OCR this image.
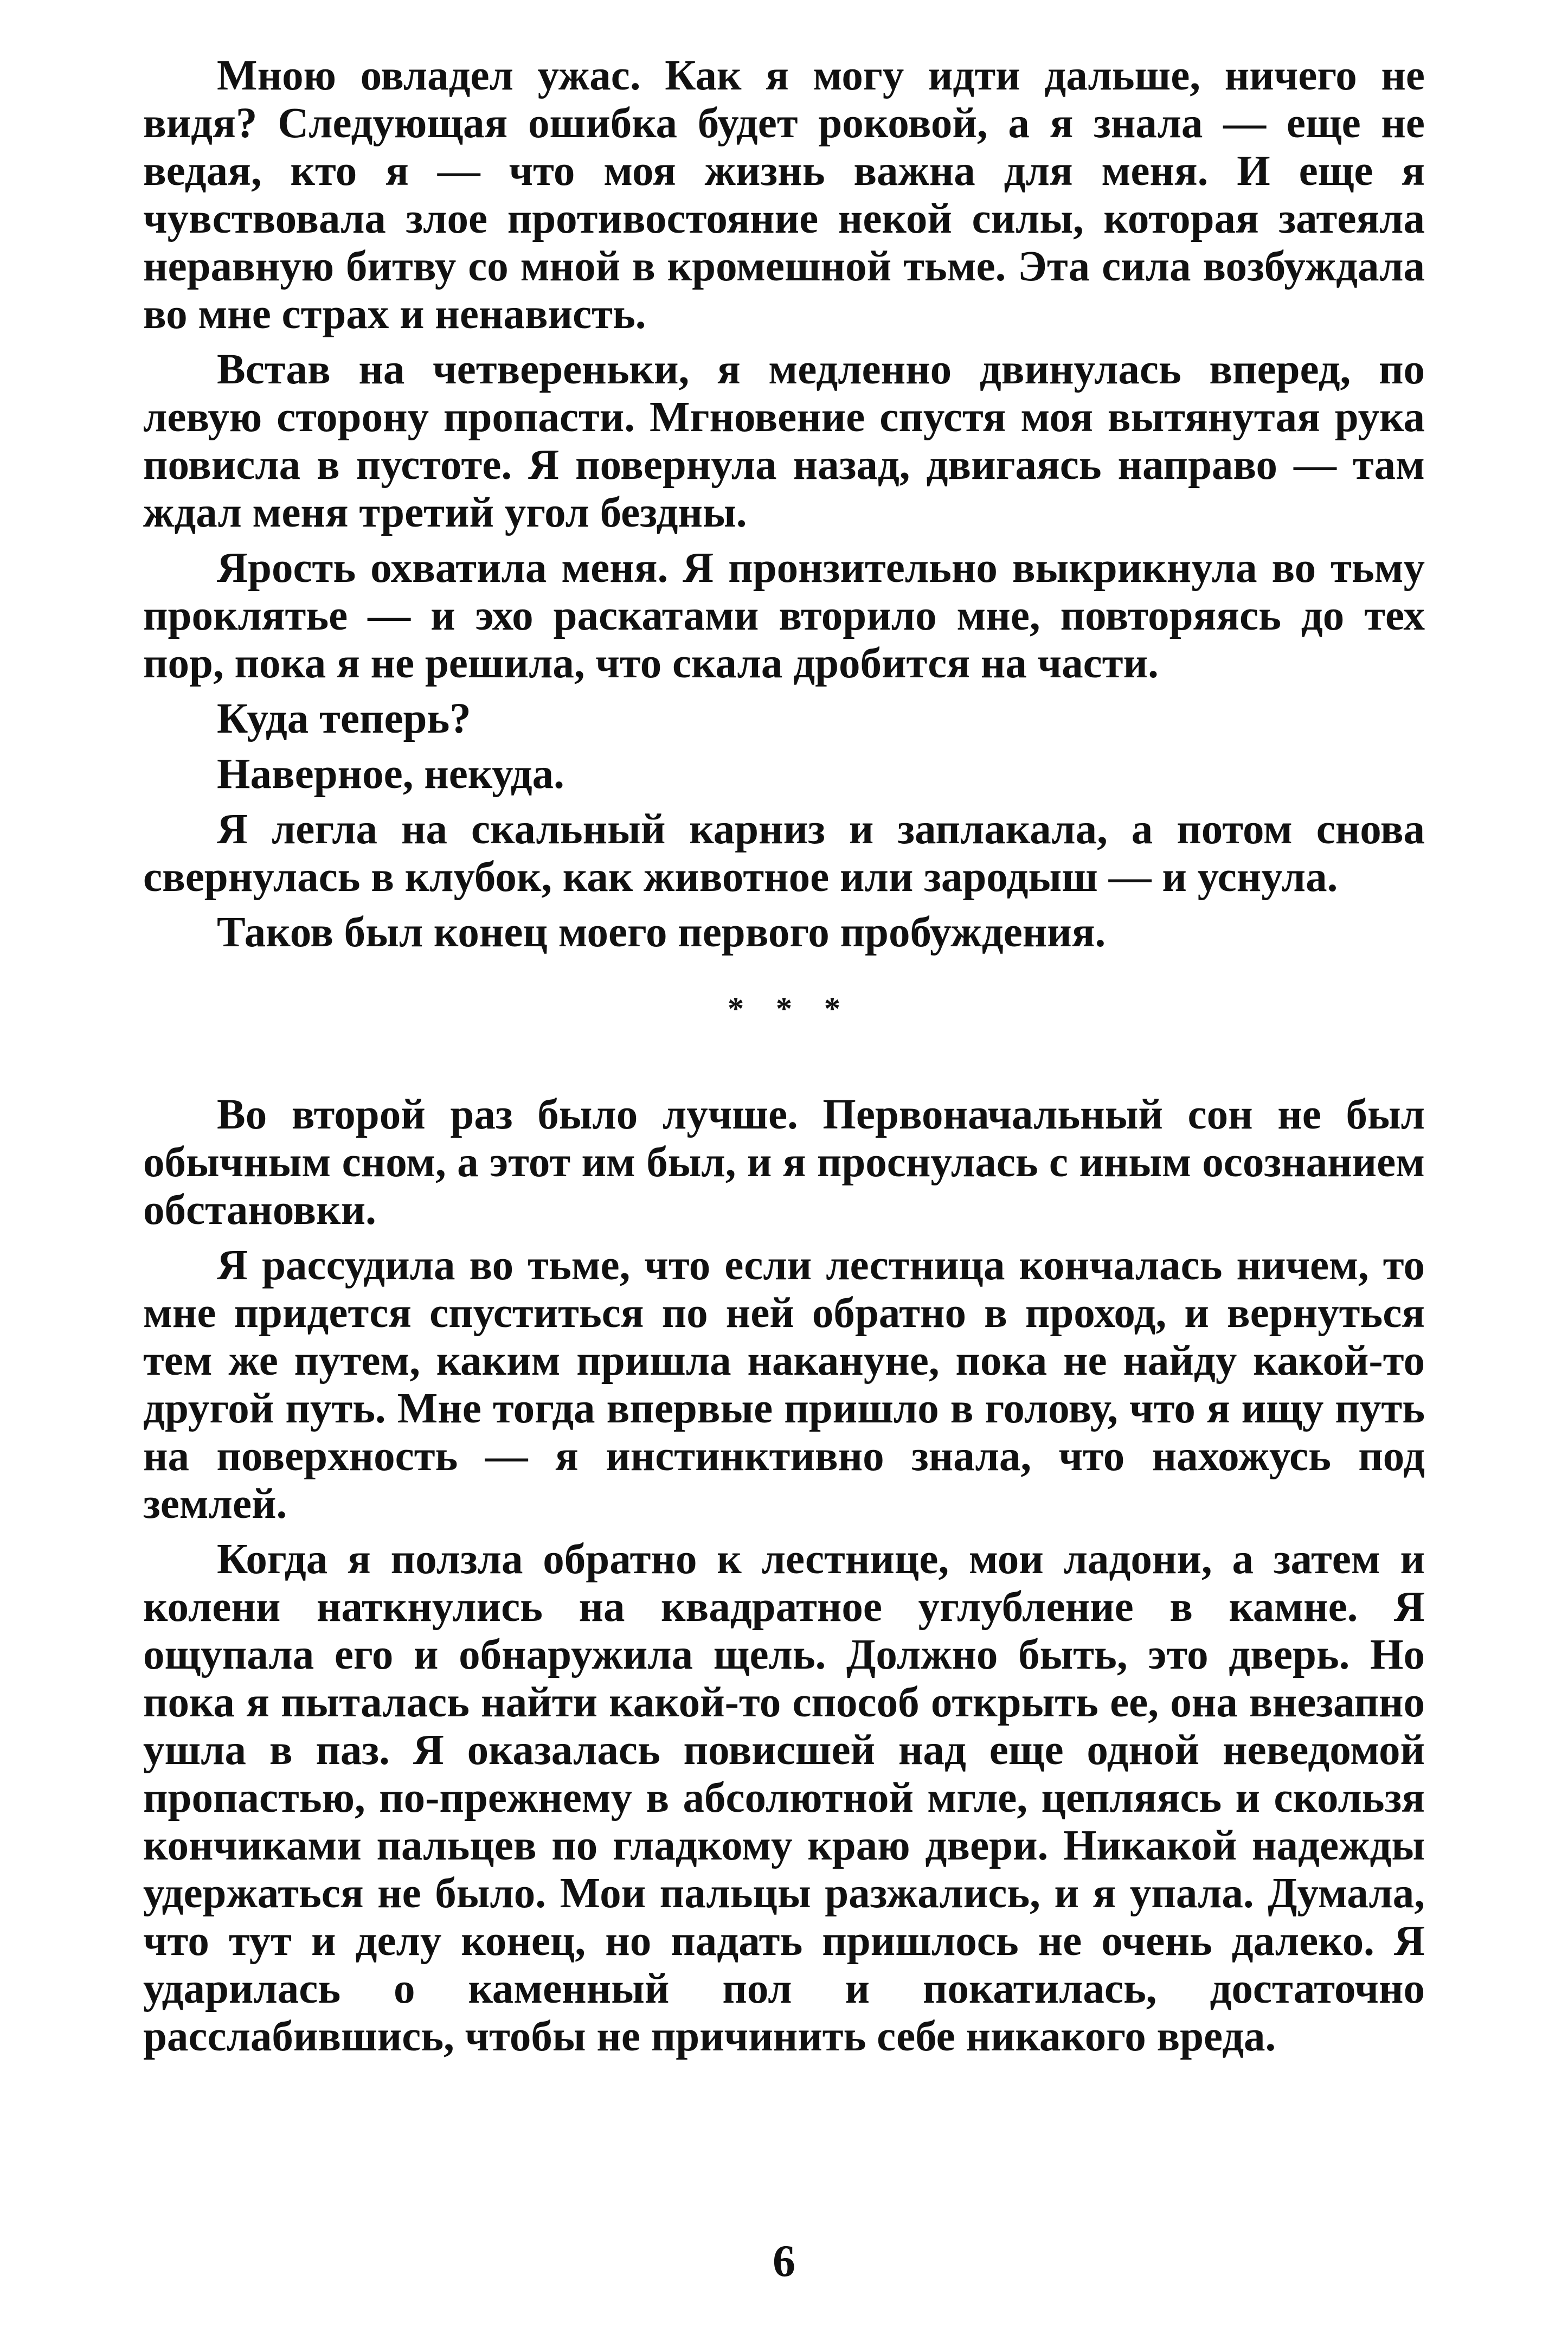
Мною овладел ужас. Как я могу идти дальше, ничего не видя? Следующая ошибка будет роковой, а я знала — еще не ведая, кто я — что моя жизнь важна для меня. И еще я чувствовала злое противостояние некой силы, которая затеяла неравную битву со мной в кромешной тьме. Эта сила возбуждала во мне страх и ненависть.

Встав на четвереньки, я медленно двинулась вперед, по левую сторону пропасти. Мгновение спустя моя вытянутая рука повисла в пустоте. Я повернула назад, двигаясь направо — там ждал меня третий угол бездны.

Ярость охватила меня. Я пронзительно выкрикнула во тьму проклятье — и эхо раскатами вторило мне, повторяясь до тех пор, пока я не решила, что скала дробится на части.

Куда теперь?

Наверное, некуда.

Я легла на скальный карниз и заплакала, а потом снова свернулась в клубок, как животное или зародыш — и уснула.

Таков был конец моего первого пробуждения.

* * *

Во второй раз было лучше. Первоначальный сон не был обычным сном, а этот им был, и я проснулась с иным осознанием обстановки.

Я рассудила во тьме, что если лестница кончалась ничем, то мне придется спуститься по ней обратно в проход, и вернуться тем же путем, каким пришла накануне, пока не найду какой-то другой путь. Мне тогда впервые пришло в голову, что я ищу путь на поверхность — я инстинктивно знала, что нахожусь под землей.

Когда я ползла обратно к лестнице, мои ладони, а затем и колени наткнулись на квадратное углубление в камне. Я ощупала его и обнаружила щель. Должно быть, это дверь. Но пока я пыталась найти какой-то способ открыть ее, она внезапно ушла в паз. Я оказалась повисшей над еще одной неведомой пропастью, по-прежнему в абсолютной мгле, цепляясь и скользя кончиками пальцев по гладкому краю двери. Никакой надежды удержаться не было. Мои пальцы разжались, и я упала. Думала, что тут и делу конец, но падать пришлось не очень далеко. Я ударилась о каменный пол и покатилась, достаточно расслабившись, чтобы не причинить себе никакого вреда.

6
